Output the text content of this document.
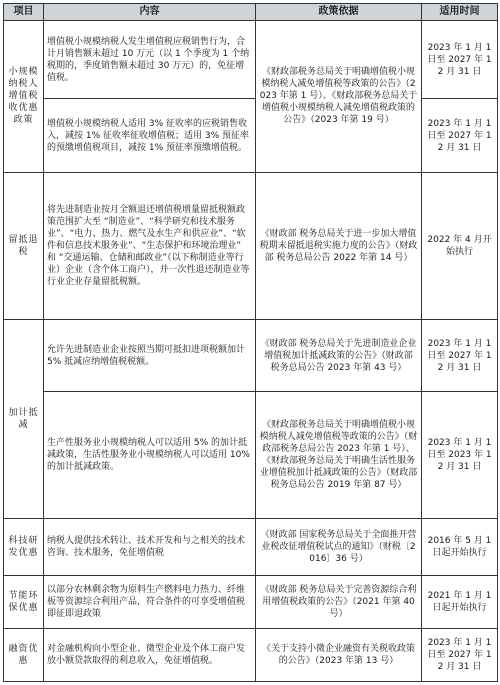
项目	内容	政策依据	适用时间
小规模纳税人增值税收优惠政策	增值税小规模纳税人发生增值税应税销售行为，合计月销售额未超过 10 万元（以 1 个季度为 1 个纳税期的，季度销售额未超过 30 万元）的，免征增值税。	《财政部税务总局关于明确增值税小规模纳税人减免增值税等政策的公告》（2023 年第 1 号）、《财政部税务总局关于增值税小规模纳税人减免增值税政策的公告》（2023 年第 19 号）	2023 年 1 月 1 日至 2027 年 12 月 31 日
	增值税小规模纳税人适用 3% 征收率的应税销售收入，减按 1% 征收率征收增值税；适用 3% 预征率的预缴增值税项目，减按 1% 预征率预缴增值税。		2023 年 1 月 1 日至 2027 年 12 月 31 日
留抵退税	将先进制造业按月全额退还增值税增量留抵税额政策范围扩大至 “制造业”、“科学研究和技术服务业”、“电力、热力、燃气及水生产和供应业”、“软件和信息技术服务业”、“生态保护和环境治理业” 和 “交通运输、仓储和邮政业”（以下称制造业等行业）企业（含个体工商户），并一次性退还制造业等行业企业存量留抵税额。	《财政部 税务总局关于进一步加大增值税期末留抵退税实施力度的公告》（财政部 税务总局公告 2022 年第 14 号）	2022 年 4 月开始执行
加计抵减	允许先进制造业企业按照当期可抵扣进项税额加计 5% 抵减应纳增值税税额。	《财政部 税务总局关于先进制造业企业增值税加计抵减政策的公告》（财政部 税务总局公告 2023 年第 43 号）	2023 年 1 月 1 日至 2027 年 12 月 31 日
	生产性服务业小规模纳税人可以适用 5% 的加计抵减政策，生活性服务业小规模纳税人可以适用 10% 的加计抵减政策。	《财政部税务总局关于明确增值税小规模纳税人减免增值税等政策的公告》（财政部税务总局公告 2023 年第 1 号）、《财政部税务总局关于明确生活性服务业增值税加计抵减政策的公告》（财政部税务总局公告 2019 年第 87 号）	2023 年 1 月 1 日至 2023 年 12 月 31 日
科技研发优惠	纳税人提供技术转让、技术开发和与之相关的技术咨询、技术服务，免征增值税	《财政部 国家税务总局关于全面推开营业税改征增值税试点的通知》（财税〔2016〕36 号）	2016 年 5 月 1 日起开始执行
节能环保优惠	以部分农林剩余物为原料生产燃料电力热力、纤维板等资源综合利用产品，符合条件的可享受增值税即征即退政策	《财政部 税务总局关于完善资源综合利用增值税政策的公告》（2021 年第 40 号）	2021 年 1 月 1 日起开始执行
融资优惠	对金融机构向小型企业、微型企业及个体工商户发放小额贷款取得的利息收入，免征增值税。	《关于支持小微企业融资有关税收政策的公告》（2023 年第 13 号）	2023 年 1 月 1 日至 2027 年 12 月 31 日
